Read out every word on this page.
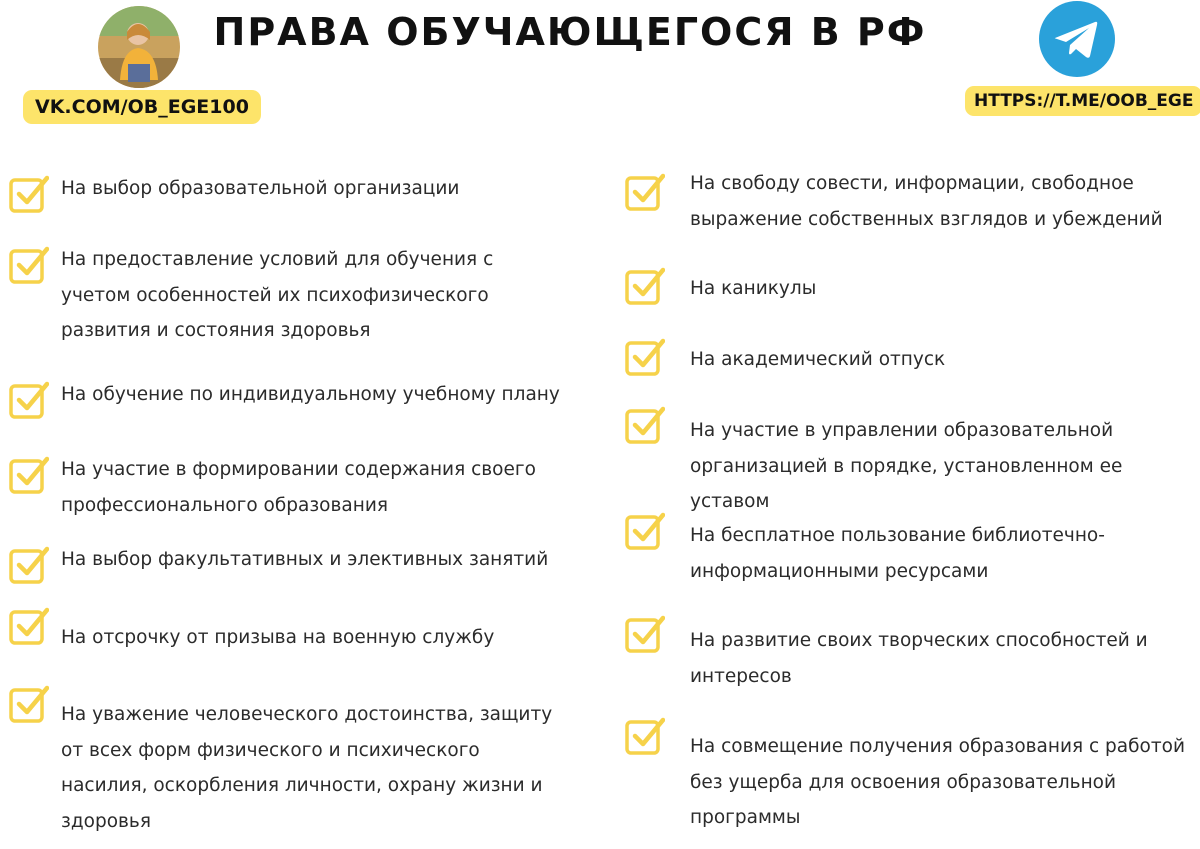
ПРАВА ОБУЧАЮЩЕГОСЯ В РФ
VK.COM/OB_EGE100	HTTPS://T.ME/OOB_EGE
На выбор образовательной организации
На предоставление условий для обучения с учетом особенностей их психофизического развития и состояния здоровья
На обучение по индивидуальному учебному плану
На участие в формировании содержания своего профессионального образования
На выбор факультативных и элективных занятий
На отсрочку от призыва на военную службу
На уважение человеческого достоинства, защиту от всех форм физического и психического насилия, оскорбления личности, охрану жизни и здоровья
На свободу совести, информации, свободное выражение собственных взглядов и убеждений
На каникулы
На академический отпуск
На участие в управлении образовательной организацией в порядке, установленном ее уставом
На бесплатное пользование библиотечно-информационными ресурсами
На развитие своих творческих способностей и интересов
На совмещение получения образования с работой без ущерба для освоения образовательной программы
